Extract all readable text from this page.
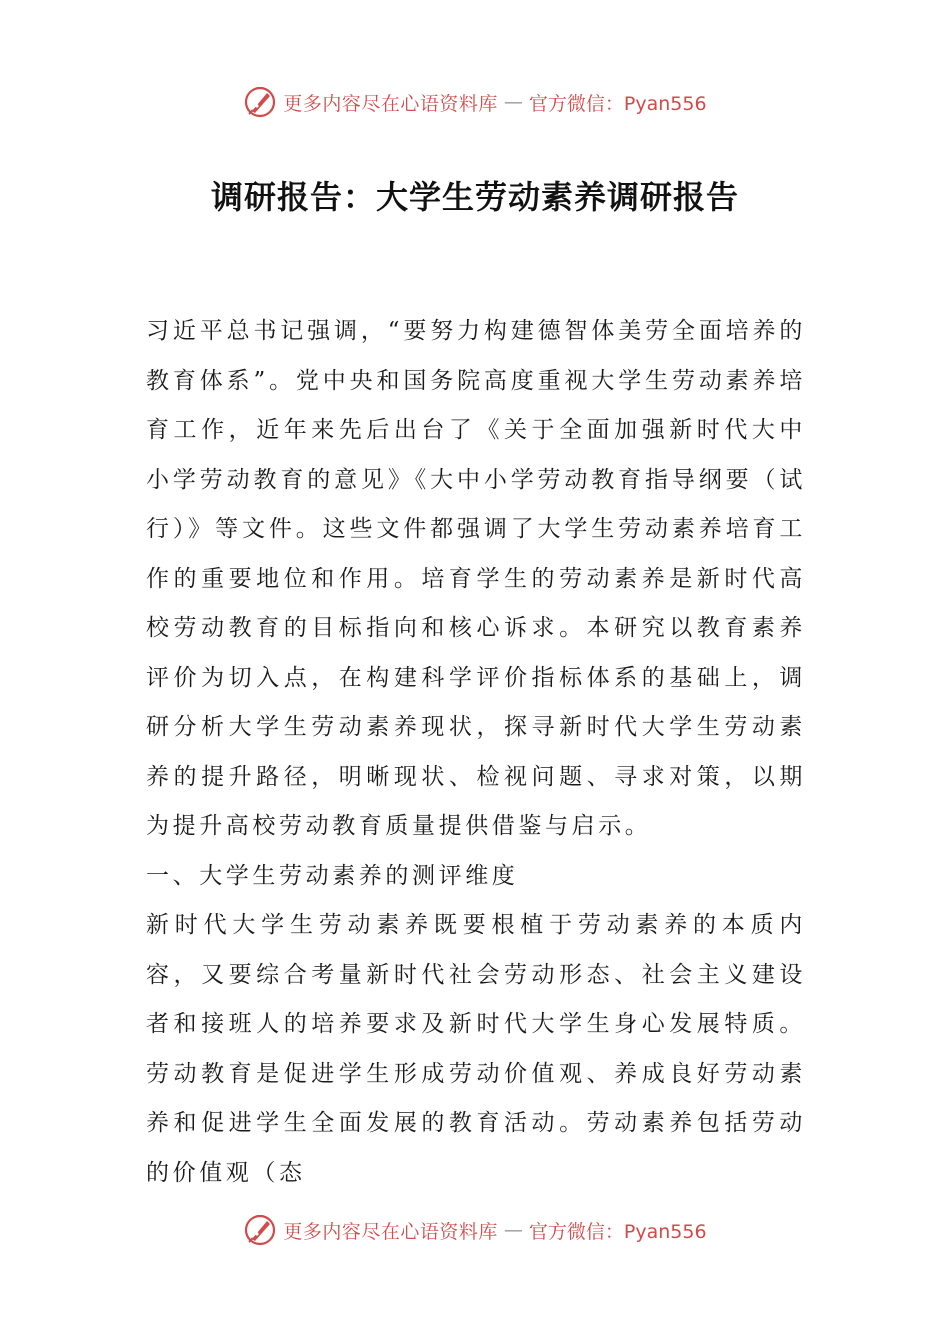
更多内容尽在心语资料库 — 官方微信：Pyan556
调研报告：大学生劳动素养调研报告

习近平总书记强调，“要努力构建德智体美劳全面培养的教育体系”。党中央和国务院高度重视大学生劳动素养培育工作，近年来先后出台了《关于全面加强新时代大中小学劳动教育的意见》《大中小学劳动教育指导纲要（试行）》等文件。这些文件都强调了大学生劳动素养培育工作的重要地位和作用。培育学生的劳动素养是新时代高校劳动教育的目标指向和核心诉求。本研究以教育素养评价为切入点，在构建科学评价指标体系的基础上，调研分析大学生劳动素养现状，探寻新时代大学生劳动素养的提升路径，明晰现状、检视问题、寻求对策，以期为提升高校劳动教育质量提供借鉴与启示。

一、大学生劳动素养的测评维度

新时代大学生劳动素养既要根植于劳动素养的本质内容，又要综合考量新时代社会劳动形态、社会主义建设者和接班人的培养要求及新时代大学生身心发展特质。劳动教育是促进学生形成劳动价值观、养成良好劳动素养和促进学生全面发展的教育活动。劳动素养包括劳动的价值观（态

更多内容尽在心语资料库 — 官方微信：Pyan556
